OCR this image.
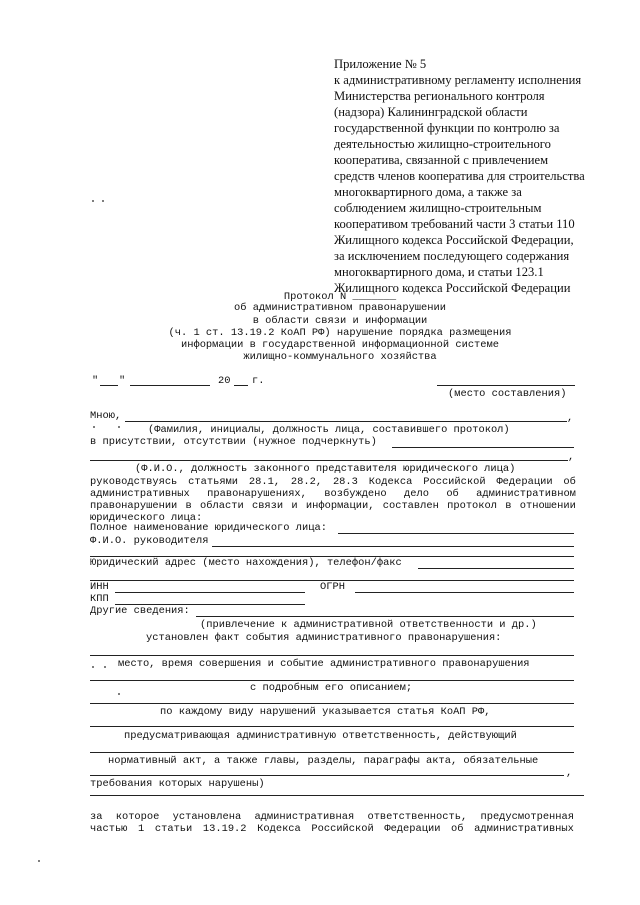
Приложение № 5
к административному регламенту исполнения
Министерства регионального контроля
(надзора) Калининградской области
государственной функции по контролю за
деятельностью жилищно-строительного
кооператива, связанной с привлечением
средств членов кооператива для строительства
многоквартирного дома, а также за
соблюдением жилищно-строительным
кооперативом требований части 3 статьи 110
Жилищного кодекса Российской Федерации,
за исключением последующего содержания
многоквартирного дома, и статьи 123.1
Жилищного кодекса Российской Федерации
Протокол N _______
об административном правонарушении
в области связи и информации
(ч. 1 ст. 13.19.2 КоАП РФ) нарушение порядка размещения
информации в государственной информационной системе
жилищно-коммунального хозяйства
" "	20 г.
(место составления)
Мною,	,
(Фамилия, инициалы, должность лица, составившего протокол)
в присутствии, отсутствии (нужное подчеркнуть)
,
(Ф.И.О., должность законного представителя юридического лица)
руководствуясь статьями 28.1, 28.2, 28.3 Кодекса Российской Федерации об
административных правонарушениях, возбуждено дело об административном
правонарушении в области связи и информации, составлен протокол в отношении
юридического лица:
Полное наименование юридического лица:
Ф.И.О. руководителя
Юридический адрес (место нахождения), телефон/факс
ИНН	ОГРН
КПП
Другие сведения:
(привлечение к административной ответственности и др.)
установлен факт события административного правонарушения:
место, время совершения и событие административного правонарушения
с подробным его описанием;
по каждому виду нарушений указывается статья КоАП РФ,
предусматривающая административную ответственность, действующий
нормативный акт, а также главы, разделы, параграфы акта, обязательные
,
требования которых нарушены)
за которое установлена административная ответственность, предусмотренная
частью 1 статьи 13.19.2 Кодекса Российской Федерации об административных
